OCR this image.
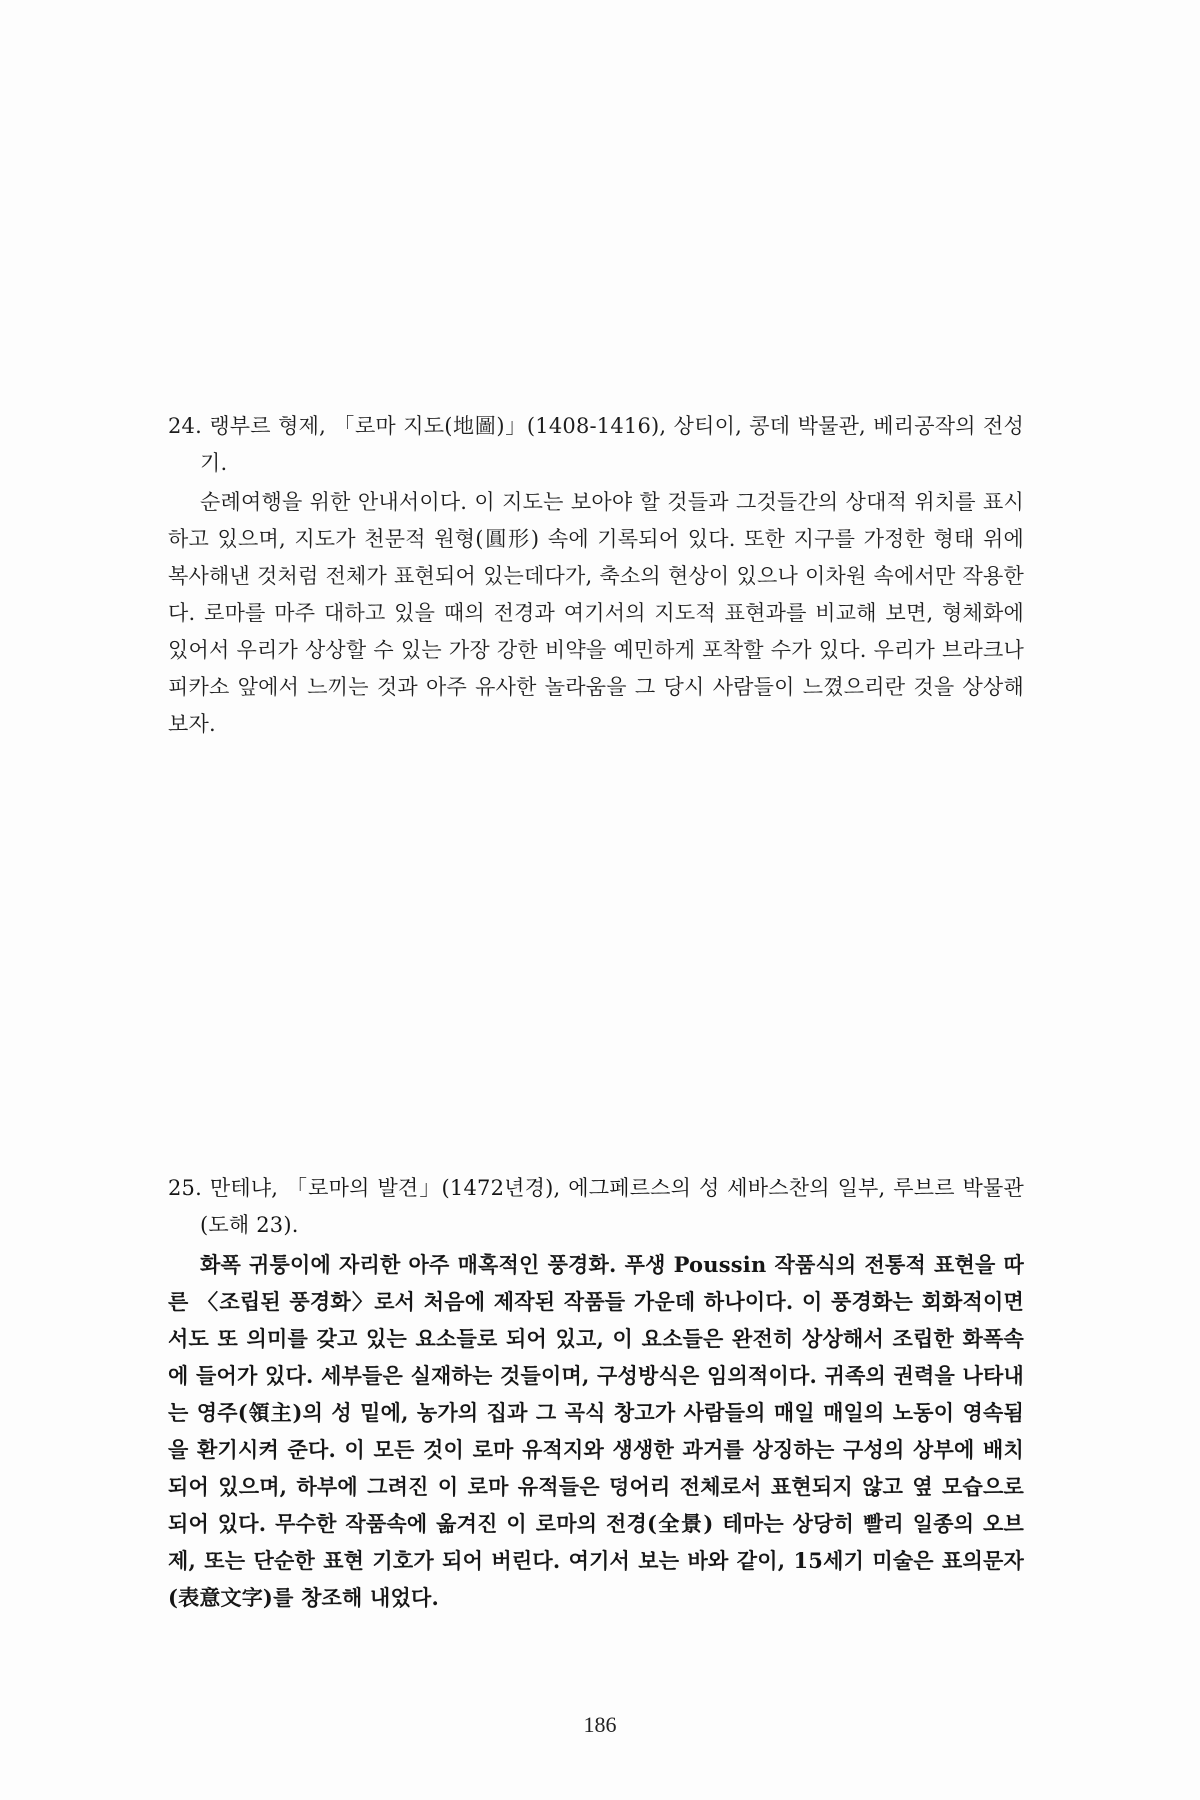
24. 랭부르 형제, 「로마 지도(地圖)」(1408-1416), 상티이, 콩데 박물관, 베리공작의 전성기.
순례여행을 위한 안내서이다. 이 지도는 보아야 할 것들과 그것들간의 상대적 위치를 표시하고 있으며, 지도가 천문적 원형(圓形) 속에 기록되어 있다. 또한 지구를 가정한 형태 위에 복사해낸 것처럼 전체가 표현되어 있는데다가, 축소의 현상이 있으나 이차원 속에서만 작용한다. 로마를 마주 대하고 있을 때의 전경과 여기서의 지도적 표현과를 비교해 보면, 형체화에 있어서 우리가 상상할 수 있는 가장 강한 비약을 예민하게 포착할 수가 있다. 우리가 브라크나 피카소 앞에서 느끼는 것과 아주 유사한 놀라움을 그 당시 사람들이 느꼈으리란 것을 상상해 보자.
25. 만테냐, 「로마의 발견」(1472년경), 에그페르스의 성 세바스찬의 일부, 루브르 박물관(도해 23).
화폭 귀퉁이에 자리한 아주 매혹적인 풍경화. 푸생 Poussin 작품식의 전통적 표현을 따른 〈조립된 풍경화〉로서 처음에 제작된 작품들 가운데 하나이다. 이 풍경화는 회화적이면서도 또 의미를 갖고 있는 요소들로 되어 있고, 이 요소들은 완전히 상상해서 조립한 화폭속에 들어가 있다. 세부들은 실재하는 것들이며, 구성방식은 임의적이다. 귀족의 권력을 나타내는 영주(領主)의 성 밑에, 농가의 집과 그 곡식 창고가 사람들의 매일 매일의 노동이 영속됨을 환기시켜 준다. 이 모든 것이 로마 유적지와 생생한 과거를 상징하는 구성의 상부에 배치되어 있으며, 하부에 그려진 이 로마 유적들은 덩어리 전체로서 표현되지 않고 옆 모습으로 되어 있다. 무수한 작품속에 옮겨진 이 로마의 전경(全景) 테마는 상당히 빨리 일종의 오브제, 또는 단순한 표현 기호가 되어 버린다. 여기서 보는 바와 같이, 15세기 미술은 표의문자(表意文字)를 창조해 내었다.
186
